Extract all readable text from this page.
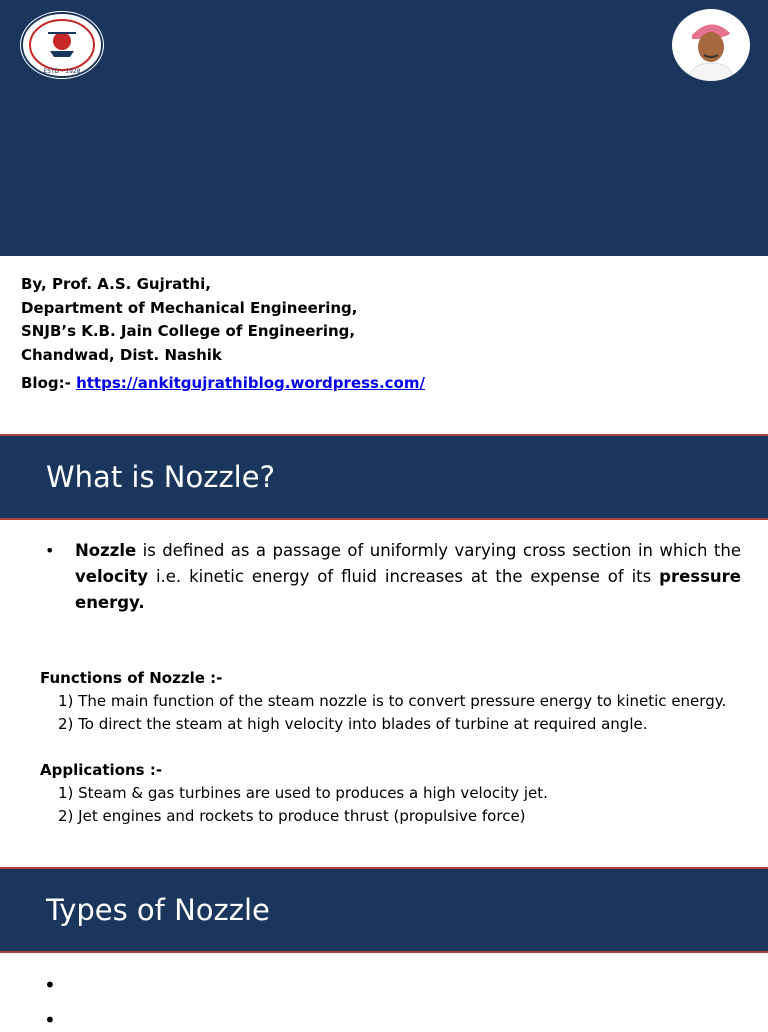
ESTD - 1928
By, Prof. A.S. Gujrathi,
Department of Mechanical Engineering,
SNJB’s K.B. Jain College of Engineering,
Chandwad, Dist. Nashik
Blog:- https://ankitgujrathiblog.wordpress.com/
What is Nozzle?
• Nozzle is defined as a passage of uniformly varying cross section in which the velocity i.e. kinetic energy of fluid increases at the expense of its pressure energy.
Functions of Nozzle :-
1) The main function of the steam nozzle is to convert pressure energy to kinetic energy.
2) To direct the steam at high velocity into blades of turbine at required angle.
Applications :-
1) Steam & gas turbines are used to produces a high velocity jet.
2) Jet engines and rockets to produce thrust (propulsive force)
Types of Nozzle
•
•
